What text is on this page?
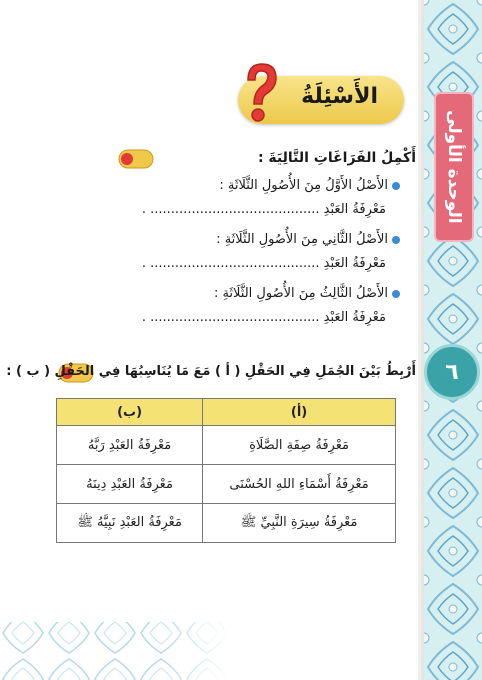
الوحدة الأولى
٦
الأَسْئِلَةُ
أَكْمِلُ الفَرَاغَاتِ التَّالِيَةَ :
الأَصْلُ الأَوَّلُ مِنَ الأُصُولِ الثَّلَاثَةِ :
مَعْرِفَةُ العَبْدِ ......................................... .
الأَصْلُ الثَّانِي مِنَ الأُصُولِ الثَّلَاثَةِ :
مَعْرِفَةُ العَبْدِ ......................................... .
الأَصْلُ الثَّالِثُ مِنَ الأُصُولِ الثَّلَاثَةِ :
مَعْرِفَةُ العَبْدِ ......................................... .
أَرْبِطُ بَيْنَ الجُمَلِ فِي الحَقْلِ ( أ ) مَعَ مَا يُنَاسِبُهَا فِي الحَقْلِ ( ب ) :
(أ)	(ب)
مَعْرِفَةُ صِفَةِ الصَّلَاةِ	مَعْرِفَةُ العَبْدِ رَبَّهُ
مَعْرِفَةُ أَسْمَاءِ اللهِ الحُسْنَى	مَعْرِفَةُ العَبْدِ دِينَهُ
مَعْرِفَةُ سِيرَةِ النَّبِيِّ ﷺ	مَعْرِفَةُ العَبْدِ نَبِيَّهُ ﷺ
